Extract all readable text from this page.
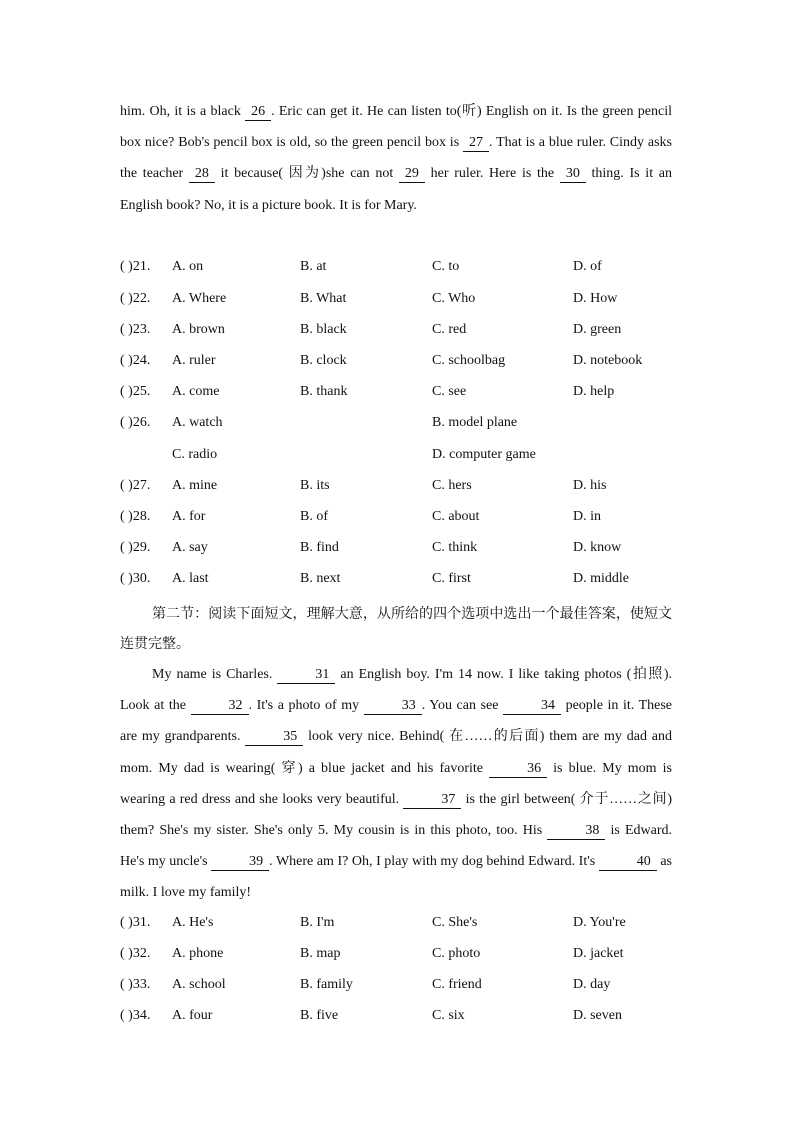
him. Oh, it is a black 26 . Eric can get it. He can listen to(听) English on it. Is the green pencil box nice? Bob's pencil box is old, so the green pencil box is 27 . That is a blue ruler. Cindy asks the teacher 28 it because( 因为)she can not 29 her ruler. Here is the 30 thing. Is it an English book? No, it is a picture book. It is for Mary.
( )21. A. on	B. at	C. to	D. of
( )22. A. Where	B. What	C. Who	D. How
( )23. A. brown	B. black	C. red	D. green
( )24. A. ruler	B. clock	C. schoolbag	D. notebook
( )25. A. come	B. thank	C. see	D. help
( )26. A. watch	B. model plane
C. radio	D. computer game
( )27. A. mine	B. its	C. hers	D. his
( )28. A. for	B. of	C. about	D. in
( )29. A. say	B. find	C. think	D. know
( )30. A. last	B. next	C. first	D. middle
第二节：阅读下面短文，理解大意，从所给的四个选项中选出一个最佳答案，使短文连贯完整。
My name is Charles.	31 an English boy. I'm 14 now. I like taking photos (拍照). Look at the	32 . It's a photo of my	33 . You can see	34 people in it. These are my grandparents.	35 look very nice. Behind( 在……的后面) them are my dad and mom. My dad is wearing( 穿) a blue jacket and his favorite	36 is blue. My mom is wearing a red dress and she looks very beautiful.	37 is the girl between( 介于……之间) them? She's my sister. She's only 5. My cousin is in this photo, too. His	38 is Edward. He's my uncle's	39 . Where am I? Oh, I play with my dog behind Edward. It's	40 as milk. I love my family!
( )31. A. He's	B. I'm	C. She's	D. You're
( )32. A. phone	B. map	C. photo	D. jacket
( )33. A. school	B. family	C. friend	D. day
( )34. A. four	B. five	C. six	D. seven
